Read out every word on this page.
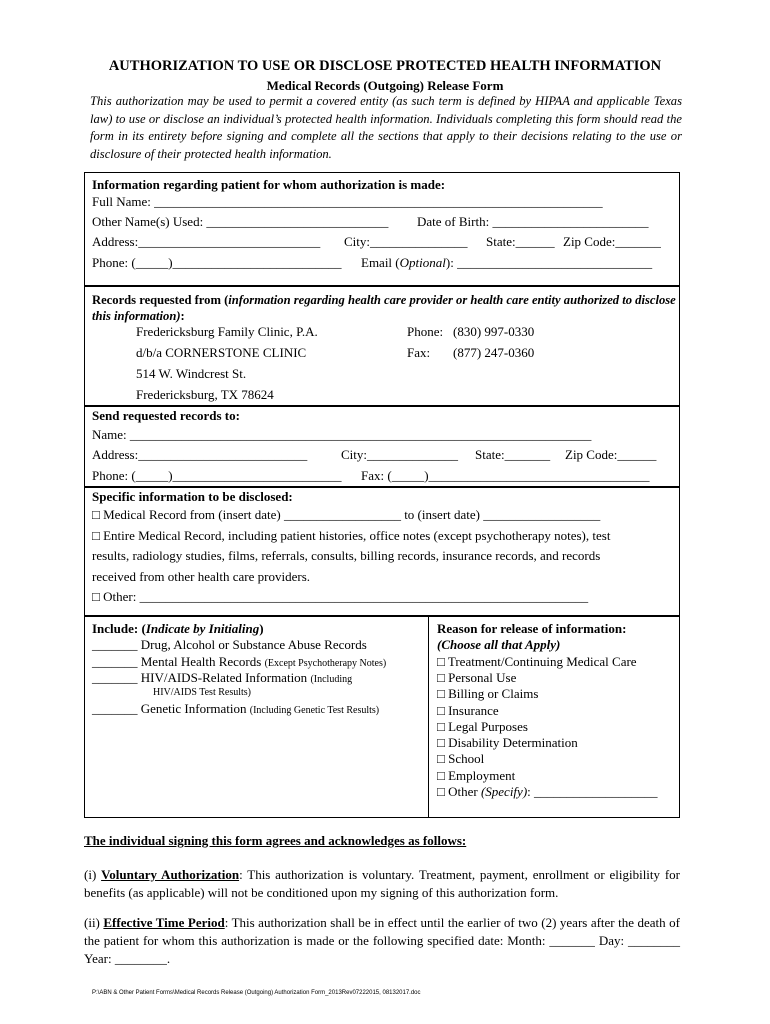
AUTHORIZATION TO USE OR DISCLOSE PROTECTED HEALTH INFORMATION
Medical Records (Outgoing) Release Form
This authorization may be used to permit a covered entity (as such term is defined by HIPAA and applicable Texas law) to use or disclose an individual’s protected health information. Individuals completing this form should read the form in its entirety before signing and complete all the sections that apply to their decisions relating to the use or disclosure of their protected health information.
Information regarding patient for whom authorization is made:
Full Name: _____________________________________________________________________
Other Name(s) Used: ____________________________ Date of Birth: ________________________
Address:____________________________ City:_______________ State:______ Zip Code:_______
Phone: (_____)__________________________ Email (Optional): ______________________________
Records requested from (information regarding health care provider or health care entity authorized to disclose this information):
Fredericksburg Family Clinic, P.A.
d/b/a CORNERSTONE CLINIC
514 W. Windcrest St.
Fredericksburg, TX 78624
Phone: (830) 997-0330
Fax: (877) 247-0360
Send requested records to:
Name: _______________________________________________________________________
Address:__________________________	City:______________ State:_______ Zip Code:______
Phone: (_____)__________________________ Fax: (_____)__________________________________
Specific information to be disclosed:
□ Medical Record from (insert date) __________________ to (insert date) __________________
□ Entire Medical Record, including patient histories, office notes (except psychotherapy notes), test
results, radiology studies, films, referrals, consults, billing records, insurance records, and records
received from other health care providers.
□ Other: _____________________________________________________________________
Include: (Indicate by Initialing)
_______ Drug, Alcohol or Substance Abuse Records
_______ Mental Health Records (Except Psychotherapy Notes)
_______ HIV/AIDS-Related Information (Including
HIV/AIDS Test Results)
_______ Genetic Information (Including Genetic Test Results)
Reason for release of information:
(Choose all that Apply)
□ Treatment/Continuing Medical Care
□ Personal Use
□ Billing or Claims
□ Insurance
□ Legal Purposes
□ Disability Determination
□ School
□ Employment
□ Other (Specify): ___________________
The individual signing this form agrees and acknowledges as follows:
(i) Voluntary Authorization: This authorization is voluntary. Treatment, payment, enrollment or eligibility for benefits (as applicable) will not be conditioned upon my signing of this authorization form.
(ii) Effective Time Period: This authorization shall be in effect until the earlier of two (2) years after the death of the patient for whom this authorization is made or the following specified date: Month: _______ Day: ________ Year: ________.
P:\ABN & Other Patient Forms\Medical Records Release (Outgoing) Authorization Form_2013Rev07222015, 08132017.doc
